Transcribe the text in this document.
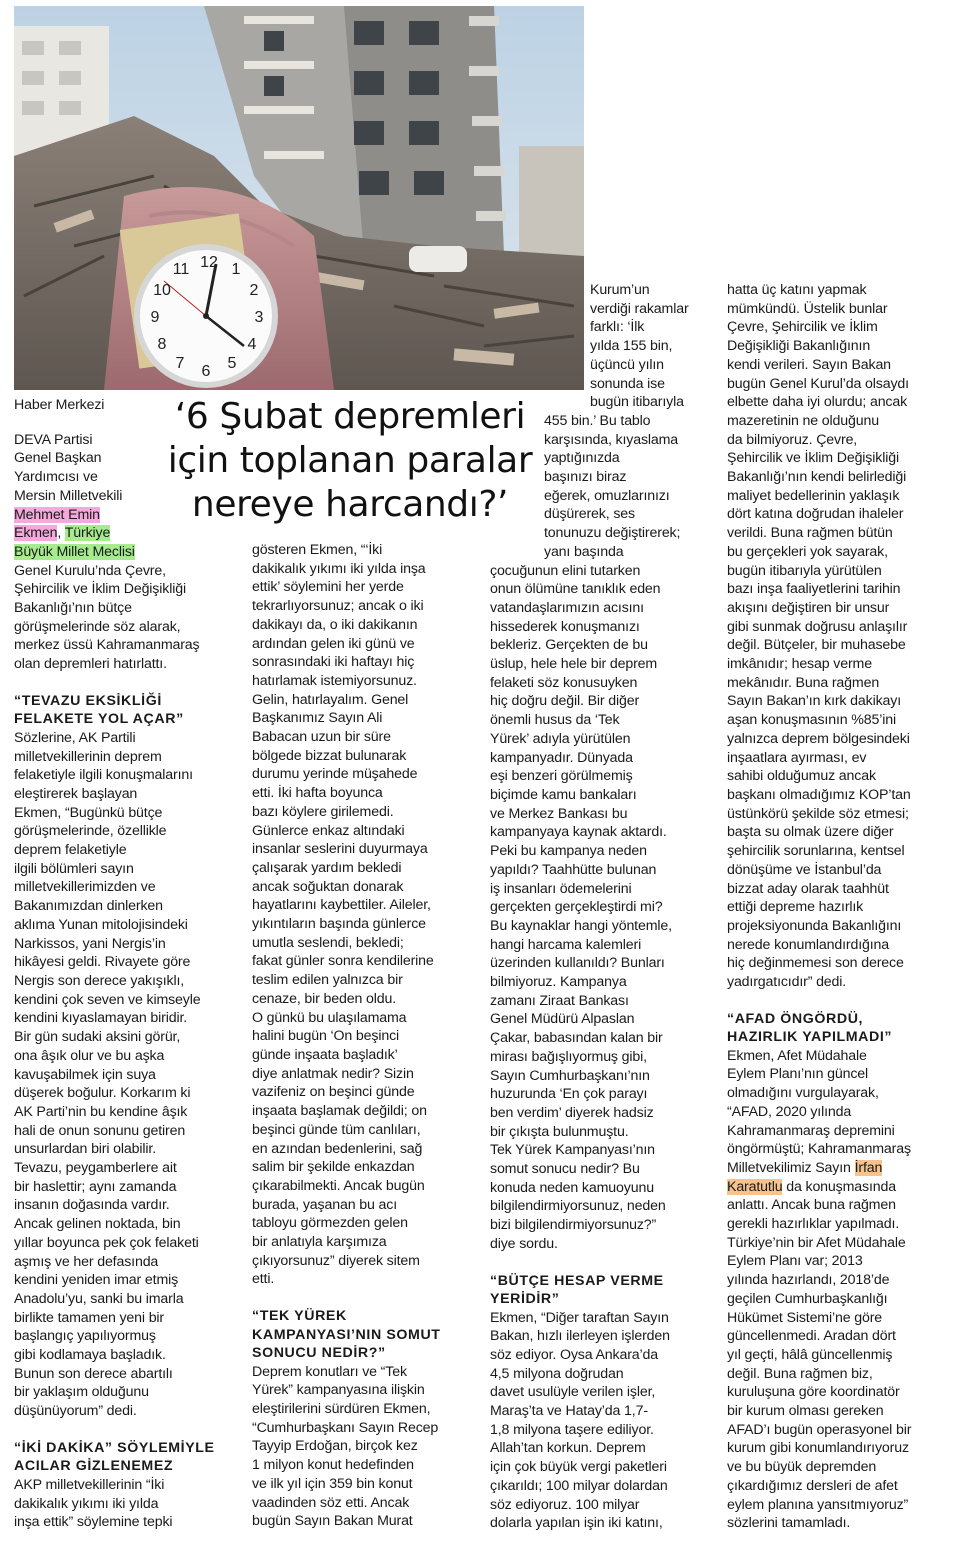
12 1
2
3
4
5
6
7
8
9
10
11
‘6 Şubat depremleri için toplanan paralar nereye harcandı?’

Haber Merkezi

DEVA Partisi
Genel Başkan
Yardımcısı ve
Mersin Milletvekili
Mehmet Emin
Ekmen, Türkiye
Büyük Millet Meclisi
Genel Kurulu’nda Çevre,
Şehircilik ve İklim Değişikliği
Bakanlığı’nın bütçe
görüşmelerinde söz alarak,
merkez üssü Kahramanmaraş
olan depremleri hatırlattı.

“TEVAZU EKSİKLİĞİ
FELAKETE YOL AÇAR”

Sözlerine, AK Partili
milletvekillerinin deprem
felaketiyle ilgili konuşmalarını
eleştirerek başlayan
Ekmen, “Bugünkü bütçe
görüşmelerinde, özellikle
deprem felaketiyle
ilgili bölümleri sayın
milletvekillerimizden ve
Bakanımızdan dinlerken
aklıma Yunan mitolojisindeki
Narkissos, yani Nergis’in
hikâyesi geldi. Rivayete göre
Nergis son derece yakışıklı,
kendini çok seven ve kimseyle
kendini kıyaslamayan biridir.
Bir gün sudaki aksini görür,
ona âşık olur ve bu aşka
kavuşabilmek için suya
düşerek boğulur. Korkarım ki
AK Parti’nin bu kendine âşık
hali de onun sonunu getiren
unsurlardan biri olabilir.
Tevazu, peygamberlere ait
bir haslettir; aynı zamanda
insanın doğasında vardır.
Ancak gelinen noktada, bin
yıllar boyunca pek çok felaketi
aşmış ve her defasında
kendini yeniden imar etmiş
Anadolu’yu, sanki bu imarla
birlikte tamamen yeni bir
başlangıç yapılıyormuş
gibi kodlamaya başladık.
Bunun son derece abartılı
bir yaklaşım olduğunu
düşünüyorum” dedi.

“İKİ DAKİKA” SÖYLEMİYLE
ACILAR GİZLENEMEZ

AKP milletvekillerinin “İki
dakikalık yıkımı iki yılda
inşa ettik” söylemine tepki

gösteren Ekmen, “‘İki
dakikalık yıkımı iki yılda inşa
ettik’ söylemini her yerde
tekrarlıyorsunuz; ancak o iki
dakikayı da, o iki dakikanın
ardından gelen iki günü ve
sonrasındaki iki haftayı hiç
hatırlamak istemiyorsunuz.
Gelin, hatırlayalım. Genel
Başkanımız Sayın Ali
Babacan uzun bir süre
bölgede bizzat bulunarak
durumu yerinde müşahede
etti. İki hafta boyunca
bazı köylere girilemedi.
Günlerce enkaz altındaki
insanlar seslerini duyurmaya
çalışarak yardım bekledi
ancak soğuktan donarak
hayatlarını kaybettiler. Aileler,
yıkıntıların başında günlerce
umutla seslendi, bekledi;
fakat günler sonra kendilerine
teslim edilen yalnızca bir
cenaze, bir beden oldu.
O günkü bu ulaşılamama
halini bugün ‘On beşinci
günde inşaata başladık’
diye anlatmak nedir? Sizin
vazifeniz on beşinci günde
inşaata başlamak değildi; on
beşinci günde tüm canlıları,
en azından bedenlerini, sağ
salim bir şekilde enkazdan
çıkarabilmekti. Ancak bugün
burada, yaşanan bu acı
tabloyu görmezden gelen
bir anlatıyla karşımıza
çıkıyorsunuz” diyerek sitem
etti.

“TEK YÜREK
KAMPANYASI’NIN SOMUT
SONUCU NEDİR?”

Deprem konutları ve “Tek
Yürek” kampanyasına ilişkin
eleştirilerini sürdüren Ekmen,
“Cumhurbaşkanı Sayın Recep
Tayyip Erdoğan, birçok kez
1 milyon konut hedefinden
ve ilk yıl için 359 bin konut
vaadinden söz etti. Ancak
bugün Sayın Bakan Murat

Kurum’un
verdiği rakamlar
farklı: ‘İlk
yılda 155 bin,
üçüncü yılın
sonunda ise
bugün itibarıyla

455 bin.’ Bu tablo

karşısında, kıyaslama
yaptığınızda
başınızı biraz
eğerek, omuzlarınızı
düşürerek, ses
tonunuzu değiştirerek;
yanı başında

çocuğunun elini tutarken
onun ölümüne tanıklık eden
vatandaşlarımızın acısını
hissederek konuşmanızı
bekleriz. Gerçekten de bu
üslup, hele hele bir deprem
felaketi söz konusuyken
hiç doğru değil. Bir diğer
önemli husus da ‘Tek
Yürek’ adıyla yürütülen
kampanyadır. Dünyada
eşi benzeri görülmemiş
biçimde kamu bankaları
ve Merkez Bankası bu
kampanyaya kaynak aktardı.
Peki bu kampanya neden
yapıldı? Taahhütte bulunan
iş insanları ödemelerini
gerçekten gerçekleştirdi mi?
Bu kaynaklar hangi yöntemle,
hangi harcama kalemleri
üzerinden kullanıldı? Bunları
bilmiyoruz. Kampanya
zamanı Ziraat Bankası
Genel Müdürü Alpaslan
Çakar, babasından kalan bir
mirası bağışlıyormuş gibi,
Sayın Cumhurbaşkanı’nın
huzurunda ‘En çok parayı
ben verdim’ diyerek hadsiz
bir çıkışta bulunmuştu.
Tek Yürek Kampanyası’nın
somut sonucu nedir? Bu
konuda neden kamuoyunu
bilgilendirmiyorsunuz, neden
bizi bilgilendirmiyorsunuz?”
diye sordu.

“BÜTÇE HESAP VERME
YERİDİR”

Ekmen, “Diğer taraftan Sayın
Bakan, hızlı ilerleyen işlerden
söz ediyor. Oysa Ankara’da
4,5 milyona doğrudan
davet usulüyle verilen işler,
Maraş’ta ve Hatay’da 1,7-
1,8 milyona taşere ediliyor.
Allah’tan korkun. Deprem
için çok büyük vergi paketleri
çıkarıldı; 100 milyar dolardan
söz ediyoruz. 100 milyar
dolarla yapılan işin iki katını,

hatta üç katını yapmak
mümkündü. Üstelik bunlar
Çevre, Şehircilik ve İklim
Değişikliği Bakanlığının
kendi verileri. Sayın Bakan
bugün Genel Kurul’da olsaydı
elbette daha iyi olurdu; ancak
mazeretinin ne olduğunu
da bilmiyoruz. Çevre,
Şehircilik ve İklim Değişikliği
Bakanlığı’nın kendi belirlediği
maliyet bedellerinin yaklaşık
dört katına doğrudan ihaleler
verildi. Buna rağmen bütün
bu gerçekleri yok sayarak,
bugün itibarıyla yürütülen
bazı inşa faaliyetlerini tarihin
akışını değiştiren bir unsur
gibi sunmak doğrusu anlaşılır
değil. Bütçeler, bir muhasebe
imkânıdır; hesap verme
mekânıdır. Buna rağmen
Sayın Bakan’ın kırk dakikayı
aşan konuşmasının %85’ini
yalnızca deprem bölgesindeki
inşaatlara ayırması, ev
sahibi olduğumuz ancak
başkanı olmadığımız KOP’tan
üstünkörü şekilde söz etmesi;
başta su olmak üzere diğer
şehircilik sorunlarına, kentsel
dönüşüme ve İstanbul’da
bizzat aday olarak taahhüt
ettiği depreme hazırlık
projeksiyonunda Bakanlığını
nerede konumlandırdığına
hiç değinmemesi son derece
yadırgatıcıdır” dedi.

“AFAD ÖNGÖRDÜ,
HAZIRLIK YAPILMADI”

Ekmen, Afet Müdahale
Eylem Planı’nın güncel
olmadığını vurgulayarak,
“AFAD, 2020 yılında
Kahramanmaraş depremini
öngörmüştü; Kahramanmaraş
Milletvekilimiz Sayın İrfan
Karatutlu da konuşmasında
anlattı. Ancak buna rağmen
gerekli hazırlıklar yapılmadı.
Türkiye’nin bir Afet Müdahale
Eylem Planı var; 2013
yılında hazırlandı, 2018’de
geçilen Cumhurbaşkanlığı
Hükümet Sistemi’ne göre
güncellenmedi. Aradan dört
yıl geçti, hâlâ güncellenmiş
değil. Buna rağmen biz,
kuruluşuna göre koordinatör
bir kurum olması gereken
AFAD’ı bugün operasyonel bir
kurum gibi konumlandırıyoruz
ve bu büyük depremden
çıkardığımız dersleri de afet
eylem planına yansıtmıyoruz”
sözlerini tamamladı.
